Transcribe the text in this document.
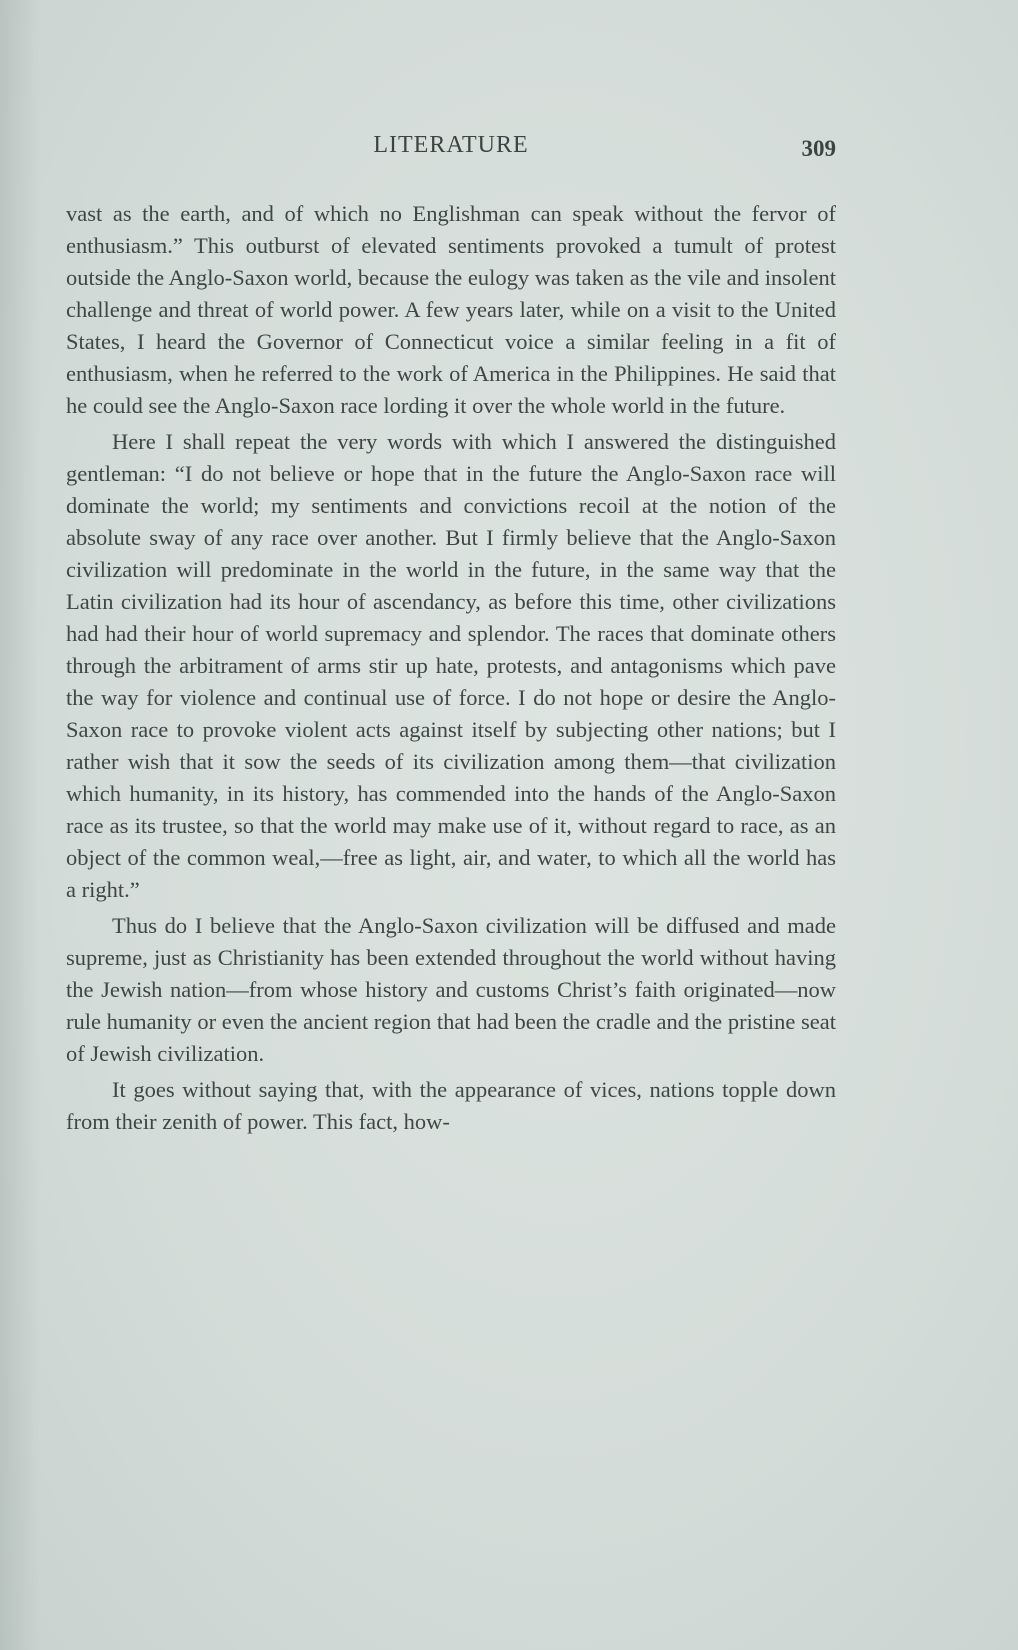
LITERATURE	309

vast as the earth, and of which no Englishman can speak without the fervor of enthusiasm.” This outburst of elevated sentiments provoked a tumult of protest outside the Anglo-Saxon world, because the eulogy was taken as the vile and insolent challenge and threat of world power. A few years later, while on a visit to the United States, I heard the Governor of Connecticut voice a similar feeling in a fit of enthusiasm, when he referred to the work of America in the Philippines. He said that he could see the Anglo-Saxon race lording it over the whole world in the future.

Here I shall repeat the very words with which I answered the distinguished gentleman: “I do not believe or hope that in the future the Anglo-Saxon race will dominate the world; my sentiments and convictions recoil at the notion of the absolute sway of any race over another. But I firmly believe that the Anglo-Saxon civilization will predominate in the world in the future, in the same way that the Latin civilization had its hour of ascendancy, as before this time, other civilizations had had their hour of world supremacy and splendor. The races that dominate others through the arbitrament of arms stir up hate, protests, and antagonisms which pave the way for violence and continual use of force. I do not hope or desire the Anglo-Saxon race to provoke violent acts against itself by subjecting other nations; but I rather wish that it sow the seeds of its civilization among them—that civilization which humanity, in its history, has commended into the hands of the Anglo-Saxon race as its trustee, so that the world may make use of it, without regard to race, as an object of the common weal,—free as light, air, and water, to which all the world has a right.”

Thus do I believe that the Anglo-Saxon civilization will be diffused and made supreme, just as Christianity has been extended throughout the world without having the Jewish nation—from whose history and customs Christ’s faith originated—now rule humanity or even the ancient region that had been the cradle and the pristine seat of Jewish civilization.

It goes without saying that, with the appearance of vices, nations topple down from their zenith of power. This fact, how-
